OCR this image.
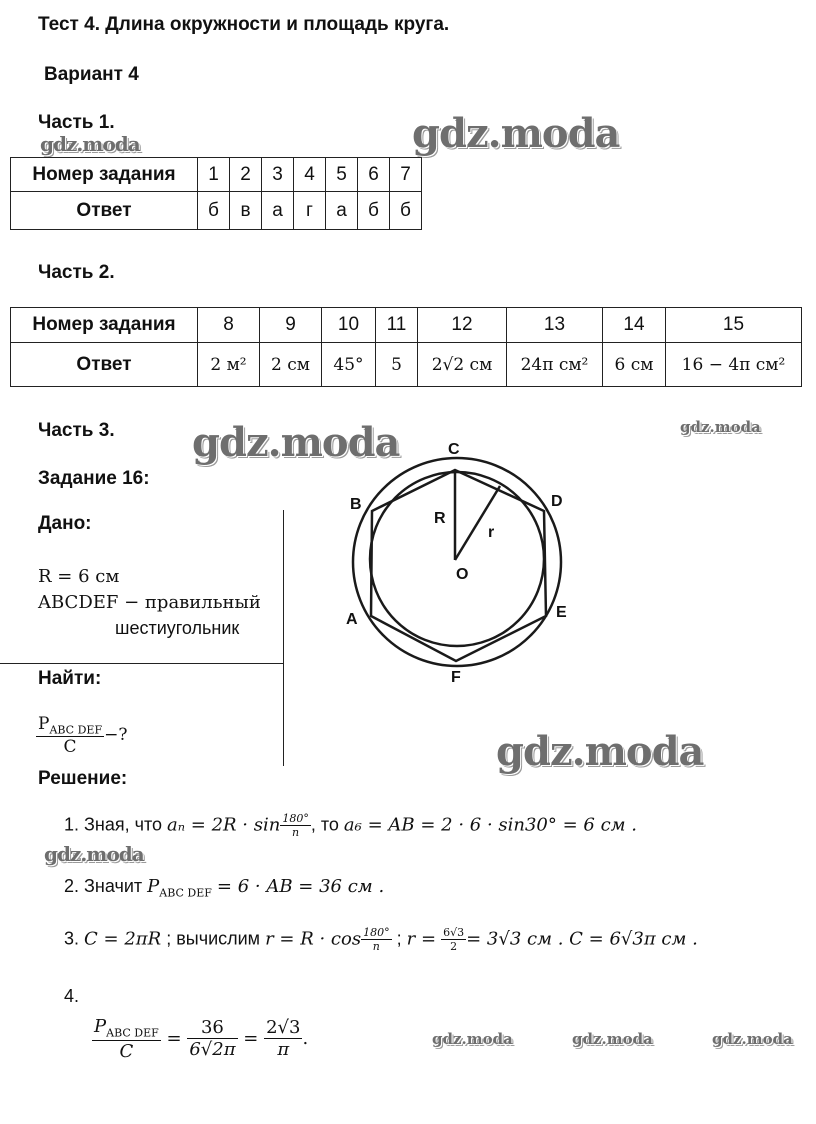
Тест 4. Длина окружности и площадь круга.
Вариант 4
gdz.moda
gdz.moda
gdz.moda	gdz.moda
gdz.moda
gdz.moda
gdz.moda	gdz.moda	gdz.moda
Часть 1.
Номер задания	1	2	3	4	5	6	7
Ответ	б	в	а	г	а	б	б
Часть 2.
Номер задания	8	9	10	11	12	13	14	15
Ответ	2 м²	2 см	45°	5	2√2 см	24π см²	6 см	16 − 4π см²
Часть 3.
Задание 16:
Дано:
R = 6 см
ABCDEF − правильный
шестиугольник
Найти:
$\frac{P_{ABC DEF}}{C}$ −?
Решение:
C
B	D
A	E
F
O
R
r
1. Зная, что $a_n = 2R \cdot \sin \frac{180^\circ}{n}$ , то a₆ = AB = 2 · 6 · sin30° = 6 см .
2. Значит $P_{ABC DEF} = 6$ · AB = 36 см .
3. C = 2πR ; вычислим $r = R \cdot \cos \frac{180^\circ}{n}$ ; $r = \frac{6√3}{2} = 3√3$ см . C = 6√3π см .
4.
$\frac{P_{ABC DEF}}{C} = \frac{36}{6√2\pi} = \frac{2√3}{\pi}$ .
